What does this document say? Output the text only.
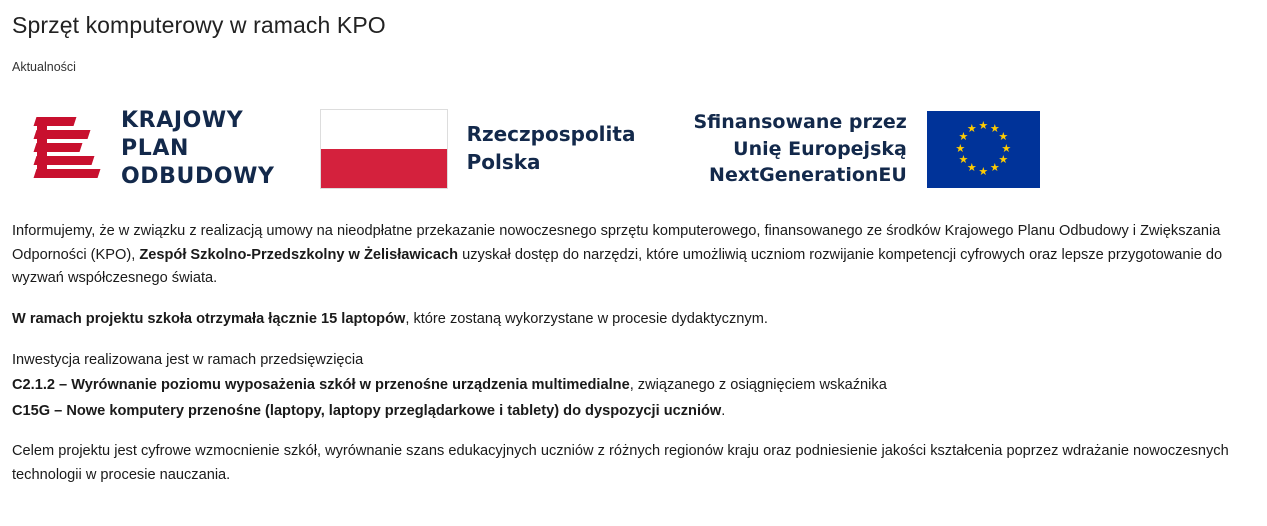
Sprzęt komputerowy w ramach KPO
Aktualności
KRAJOWY
PLAN
ODBUDOWY
Rzeczpospolita
Polska
Sfinansowane przez
Unię Europejską
NextGenerationEU
★ ★
★
★
★
★
★
★
★
★
★
★

Informujemy, że w związku z realizacją umowy na nieodpłatne przekazanie nowoczesnego sprzętu komputerowego, finansowanego ze środków Krajowego Planu Odbudowy i Zwiększania Odporności (KPO), Zespół Szkolno-Przedszkolny w Żelisławicach uzyskał dostęp do narzędzi, które umożliwią uczniom rozwijanie kompetencji cyfrowych oraz lepsze przygotowanie do wyzwań współczesnego świata.

W ramach projektu szkoła otrzymała łącznie 15 laptopów, które zostaną wykorzystane w procesie dydaktycznym.

Inwestycja realizowana jest w ramach przedsięwzięcia

C2.1.2 – Wyrównanie poziomu wyposażenia szkół w przenośne urządzenia multimedialne, związanego z osiągnięciem wskaźnika

C15G – Nowe komputery przenośne (laptopy, laptopy przeglądarkowe i tablety) do dyspozycji uczniów.

Celem projektu jest cyfrowe wzmocnienie szkół, wyrównanie szans edukacyjnych uczniów z różnych regionów kraju oraz podniesienie jakości kształcenia poprzez wdrażanie nowoczesnych technologii w procesie nauczania.
